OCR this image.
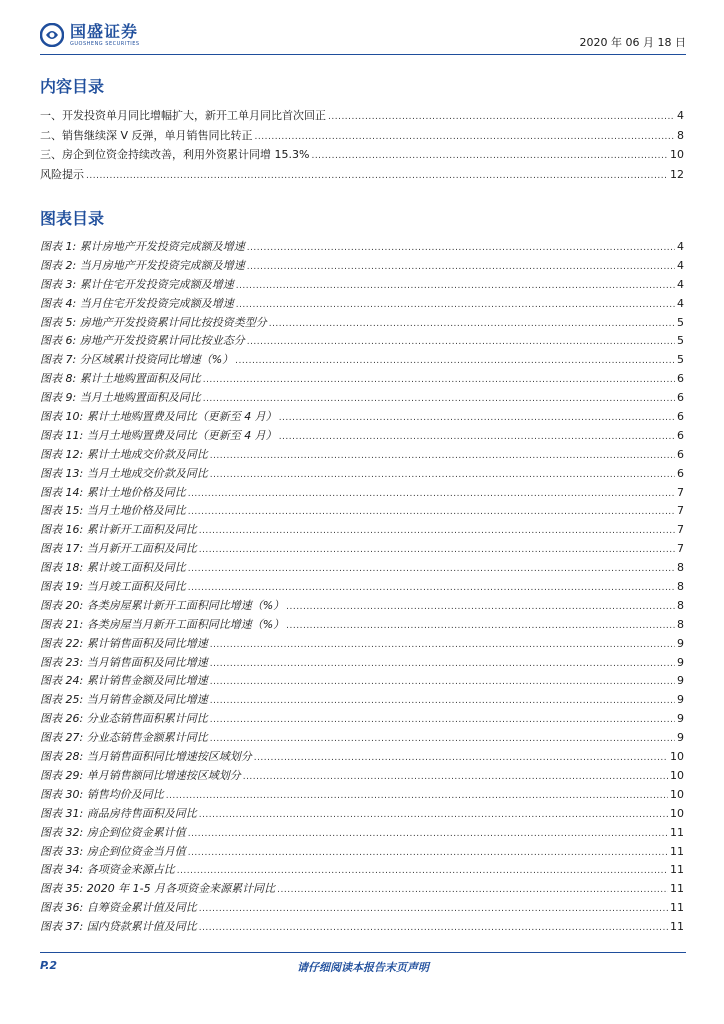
国盛证券
GUOSHENG SECURITIES	2020 年 06 月 18 日
内容目录
一、开发投资单月同比增幅扩大，新开工单月同比首次回正 .....	4
二、销售继续深 V 反弹，单月销售同比转正 .....	8
三、房企到位资金持续改善，利用外资累计同增 15.3% .....	10
风险提示 .....	12
图表目录
图表 1: 累计房地产开发投资完成额及增速 .....	4
图表 2: 当月房地产开发投资完成额及增速 .....	4
图表 3: 累计住宅开发投资完成额及增速 .....	4
图表 4: 当月住宅开发投资完成额及增速 .....	4
图表 5: 房地产开发投资累计同比按投资类型分 .....	5
图表 6: 房地产开发投资累计同比按业态分 .....	5
图表 7: 分区域累计投资同比增速（%） .....	5
图表 8: 累计土地购置面积及同比 .....	6
图表 9: 当月土地购置面积及同比 .....	6
图表 10: 累计土地购置费及同比（更新至 4 月） .....	6
图表 11: 当月土地购置费及同比（更新至 4 月） .....	6
图表 12: 累计土地成交价款及同比 .....	6
图表 13: 当月土地成交价款及同比 .....	6
图表 14: 累计土地价格及同比 .....	7
图表 15: 当月土地价格及同比 .....	7
图表 16: 累计新开工面积及同比 .....	7
图表 17: 当月新开工面积及同比 .....	7
图表 18: 累计竣工面积及同比 .....	8
图表 19: 当月竣工面积及同比 .....	8
图表 20: 各类房屋累计新开工面积同比增速（%） .....	8
图表 21: 各类房屋当月新开工面积同比增速（%） .....	8
图表 22: 累计销售面积及同比增速 .....	9
图表 23: 当月销售面积及同比增速 .....	9
图表 24: 累计销售金额及同比增速 .....	9
图表 25: 当月销售金额及同比增速 .....	9
图表 26: 分业态销售面积累计同比 .....	9
图表 27: 分业态销售金额累计同比 .....	9
图表 28: 当月销售面积同比增速按区域划分 .....	10
图表 29: 单月销售额同比增速按区域划分 .....	10
图表 30: 销售均价及同比 .....	10
图表 31: 商品房待售面积及同比 .....	10
图表 32: 房企到位资金累计值 .....	11
图表 33: 房企到位资金当月值 .....	11
图表 34: 各项资金来源占比 .....	11
图表 35: 2020 年 1-5 月各项资金来源累计同比 .....	11
图表 36: 自筹资金累计值及同比 .....	11
图表 37: 国内贷款累计值及同比 .....	11
P.2	请仔细阅读本报告末页声明
